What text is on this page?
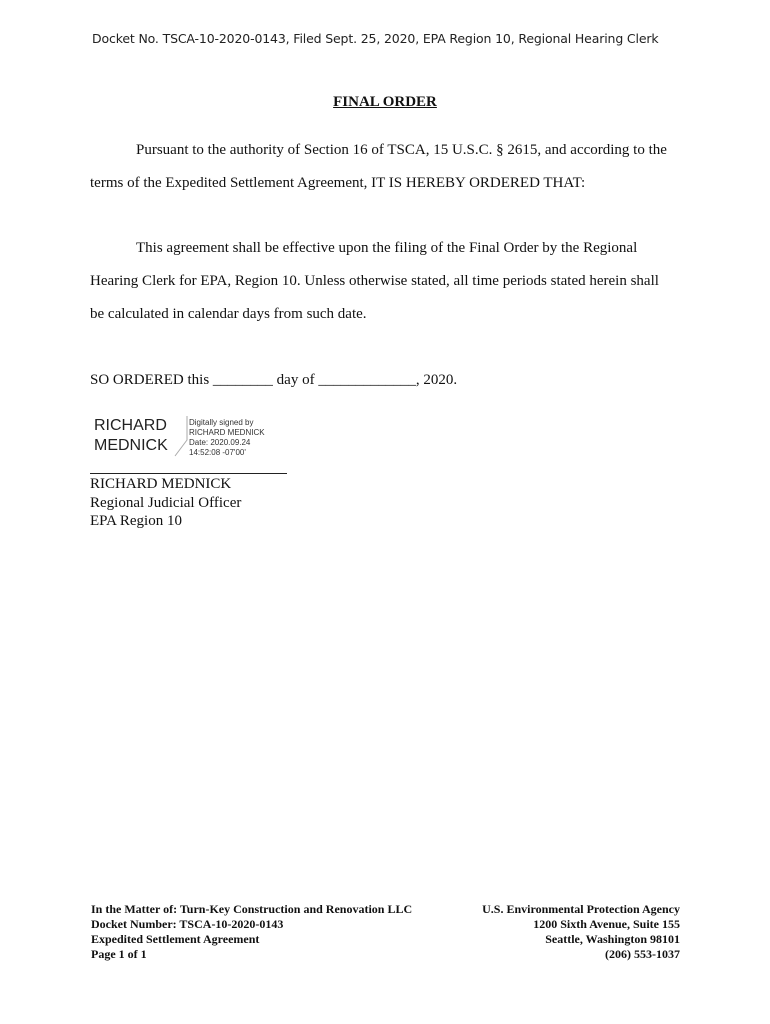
Docket No. TSCA-10-2020-0143, Filed Sept. 25, 2020, EPA Region 10, Regional Hearing Clerk
FINAL ORDER
Pursuant to the authority of Section 16 of TSCA, 15 U.S.C. § 2615, and according to the
terms of the Expedited Settlement Agreement, IT IS HEREBY ORDERED THAT:
This agreement shall be effective upon the filing of the Final Order by the Regional
Hearing Clerk for EPA, Region 10. Unless otherwise stated, all time periods stated herein shall
be calculated in calendar days from such date.
SO ORDERED this ________ day of _____________, 2020.
RICHARD
MEDNICK
Digitally signed by
RICHARD MEDNICK
Date: 2020.09.24
14:52:08 -07'00'
RICHARD MEDNICK
Regional Judicial Officer
EPA Region 10
In the Matter of: Turn-Key Construction and Renovation LLC
Docket Number: TSCA-10-2020-0143
Expedited Settlement Agreement
Page 1 of 1
U.S. Environmental Protection Agency
1200 Sixth Avenue, Suite 155
Seattle, Washington 98101
(206) 553-1037
